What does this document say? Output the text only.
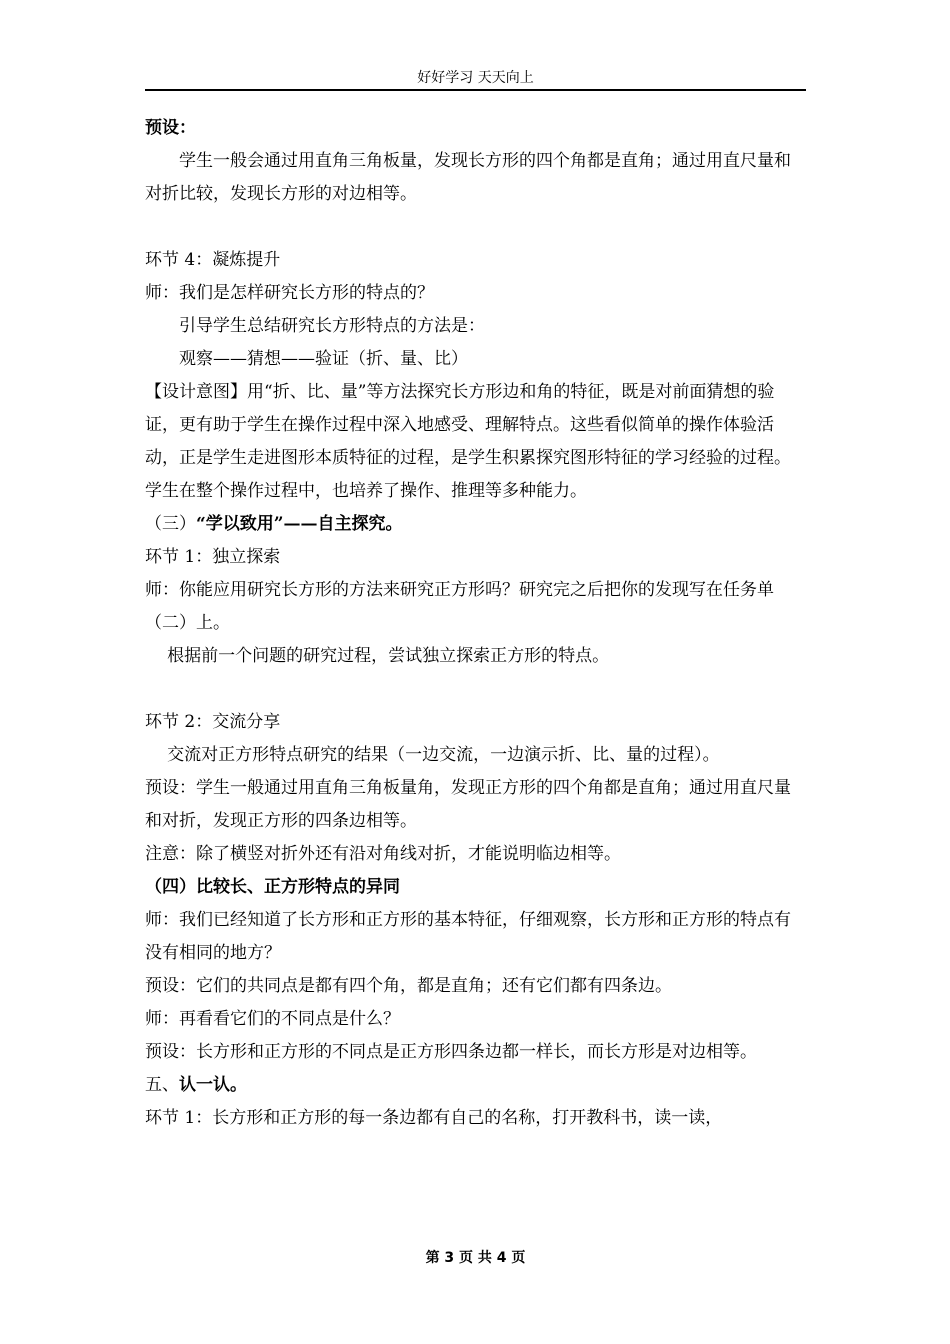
好好学习 天天向上

预设：

学生一般会通过用直角三角板量，发现长方形的四个角都是直角；通过用直尺量和对折比较，发现长方形的对边相等。

环节 4：凝炼提升

师：我们是怎样研究长方形的特点的？

引导学生总结研究长方形特点的方法是：

观察——猜想——验证（折、量、比）

【设计意图】用“折、比、量”等方法探究长方形边和角的特征，既是对前面猜想的验证，更有助于学生在操作过程中深入地感受、理解特点。这些看似简单的操作体验活动，正是学生走进图形本质特征的过程，是学生积累探究图形特征的学习经验的过程。学生在整个操作过程中，也培养了操作、推理等多种能力。

（三）“学以致用”——自主探究。

环节 1：独立探索

师：你能应用研究长方形的方法来研究正方形吗？研究完之后把你的发现写在任务单（二）上。

根据前一个问题的研究过程，尝试独立探索正方形的特点。

环节 2：交流分享

交流对正方形特点研究的结果（一边交流，一边演示折、比、量的过程）。

预设：学生一般通过用直角三角板量角，发现正方形的四个角都是直角；通过用直尺量和对折，发现正方形的四条边相等。

注意：除了横竖对折外还有沿对角线对折，才能说明临边相等。

（四）比较长、正方形特点的异同

师：我们已经知道了长方形和正方形的基本特征，仔细观察，长方形和正方形的特点有没有相同的地方？

预设：它们的共同点是都有四个角，都是直角；还有它们都有四条边。

师：再看看它们的不同点是什么？

预设：长方形和正方形的不同点是正方形四条边都一样长，而长方形是对边相等。

五、认一认。

环节 1：长方形和正方形的每一条边都有自己的名称，打开教科书，读一读，

第 3 页 共 4 页
